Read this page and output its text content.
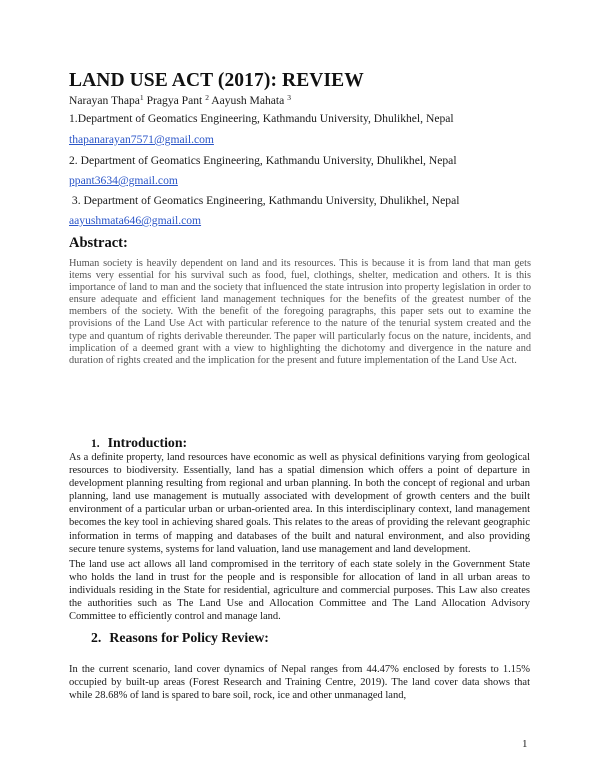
LAND USE ACT (2017): REVIEW
Narayan Thapa$^1$ Pragya Pant $^2$ Aayush Mahata $^3$
1.Department of Geomatics Engineering, Kathmandu University, Dhulikhel, Nepal
thapanarayan7571@gmail.com
2. Department of Geomatics Engineering, Kathmandu University, Dhulikhel, Nepal
ppant3634@gmail.com
3. Department of Geomatics Engineering, Kathmandu University, Dhulikhel, Nepal
aayushmata646@gmail.com
Abstract:

Human society is heavily dependent on land and its resources. This is because it is from land that man gets items very essential for his survival such as food, fuel, clothings, shelter, medication and others. It is this importance of land to man and the society that influenced the state intrusion into property legislation in order to ensure adequate and efficient land management techniques for the benefits of the greatest number of the members of the society. With the benefit of the foregoing paragraphs, this paper sets out to examine the provisions of the Land Use Act with particular reference to the nature of the tenurial system created and the type and quantum of rights derivable thereunder. The paper will particularly focus on the nature, incidents, and implication of a deemed grant with a view to highlighting the dichotomy and divergence in the nature and duration of rights created and the implication for the present and future implementation of the Land Use Act.

1. Introduction:

As a definite property, land resources have economic as well as physical definitions varying from geological resources to biodiversity. Essentially, land has a spatial dimension which offers a point of departure in development planning resulting from regional and urban planning. In both the concept of regional and urban planning, land use management is mutually associated with development of growth centers and the built environment of a particular urban or urban-oriented area. In this interdisciplinary context, land management becomes the key tool in achieving shared goals. This relates to the areas of providing the relevant geographic information in terms of mapping and databases of the built and natural environment, and also providing secure tenure systems, systems for land valuation, land use management and land development.

The land use act allows all land compromised in the territory of each state solely in the Government State who holds the land in trust for the people and is responsible for allocation of land in all urban areas to individuals residing in the State for residential, agriculture and commercial purposes. This Law also creates the authorities such as The Land Use and Allocation Committee and The Land Allocation Advisory Committee to efficiently control and manage land.

2. Reasons for Policy Review:

In the current scenario, land cover dynamics of Nepal ranges from 44.47% enclosed by forests to 1.15% occupied by built-up areas (Forest Research and Training Centre, 2019). The land cover data shows that while 28.68% of land is spared to bare soil, rock, ice and other unmanaged land,

1
